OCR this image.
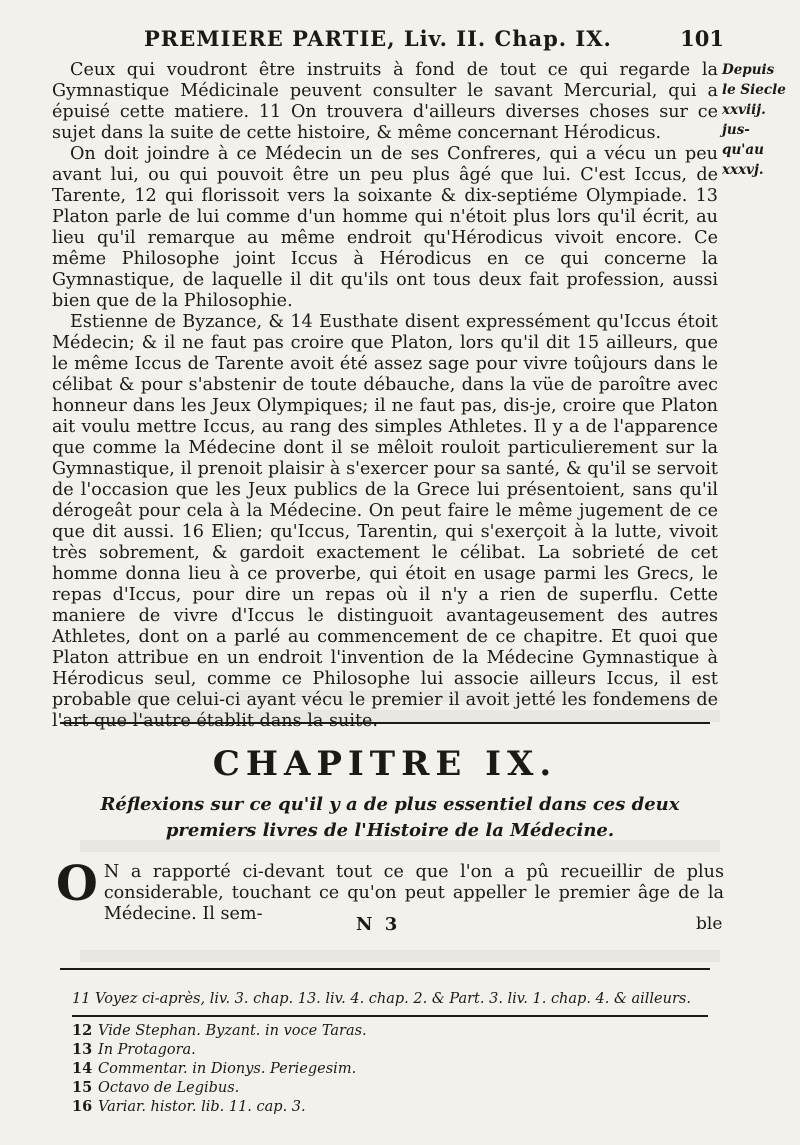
PREMIERE PARTIE, Liv. II. Chap. IX.	101
Depuis
le Siecle
xxviij.
jus-
qu'au
xxxvj.

Ceux qui voudront être instruits à fond de tout ce qui regarde la Gymnastique Médicinale peuvent consulter le savant Mercurial, qui a épuisé cette matiere. 11 On trouvera d'ailleurs diverses choses sur ce sujet dans la suite de cette histoire, & même concernant Hérodicus.

On doit joindre à ce Médecin un de ses Confreres, qui a vécu un peu avant lui, ou qui pouvoit être un peu plus âgé que lui. C'est Iccus, de Tarente, 12 qui florissoit vers la soixante & dix-septiéme Olympiade. 13 Platon parle de lui comme d'un homme qui n'étoit plus lors qu'il écrit, au lieu qu'il remarque au même endroit qu'Hérodicus vivoit encore. Ce même Philosophe joint Iccus à Hérodicus en ce qui concerne la Gymnastique, de laquelle il dit qu'ils ont tous deux fait profession, aussi bien que de la Philosophie.

Estienne de Byzance, & 14 Eusthate disent expressément qu'Iccus étoit Médecin; & il ne faut pas croire que Platon, lors qu'il dit 15 ailleurs, que le même Iccus de Tarente avoit été assez sage pour vivre toûjours dans le célibat & pour s'abstenir de toute débauche, dans la vüe de paroître avec honneur dans les Jeux Olympiques; il ne faut pas, dis-je, croire que Platon ait voulu mettre Iccus, au rang des simples Athletes. Il y a de l'apparence que comme la Médecine dont il se mêloit rouloit particulierement sur la Gymnastique, il prenoit plaisir à s'exercer pour sa santé, & qu'il se servoit de l'occasion que les Jeux publics de la Grece lui présentoient, sans qu'il dérogeât pour cela à la Médecine. On peut faire le même jugement de ce que dit aussi. 16 Elien; qu'Iccus, Tarentin, qui s'exerçoit à la lutte, vivoit très sobrement, & gardoit exactement le célibat. La sobrieté de cet homme donna lieu à ce proverbe, qui étoit en usage parmi les Grecs, le repas d'Iccus, pour dire un repas où il n'y a rien de superflu. Cette maniere de vivre d'Iccus le distinguoit avantageusement des autres Athletes, dont on a parlé au commencement de ce chapitre. Et quoi que Platon attribue en un endroit l'invention de la Médecine Gymnastique à Hérodicus seul, comme ce Philosophe lui associe ailleurs Iccus, il est probable que celui-ci ayant vécu le premier il avoit jetté les fondemens de l'art que l'autre établit dans la suite.

CHAPITRE IX.
Réflexions sur ce qu'il y a de plus essentiel dans ces deux premiers livres de l'Histoire de la Médecine.
O N a rapporté ci-devant tout ce que l'on a pû recueillir de plus considerable, touchant ce qu'on peut appeller le premier âge de la Médecine. Il sem-	N 3	ble
11 Voyez ci-après, liv. 3. chap. 13. liv. 4. chap. 2. & Part. 3. liv. 1. chap. 4. & ailleurs.
12 Vide Stephan. Byzant. in voce Taras.
13 In Protagora.
14 Commentar. in Dionys. Periegesim.
15 Octavo de Legibus.
16 Variar. histor. lib. 11. cap. 3.
